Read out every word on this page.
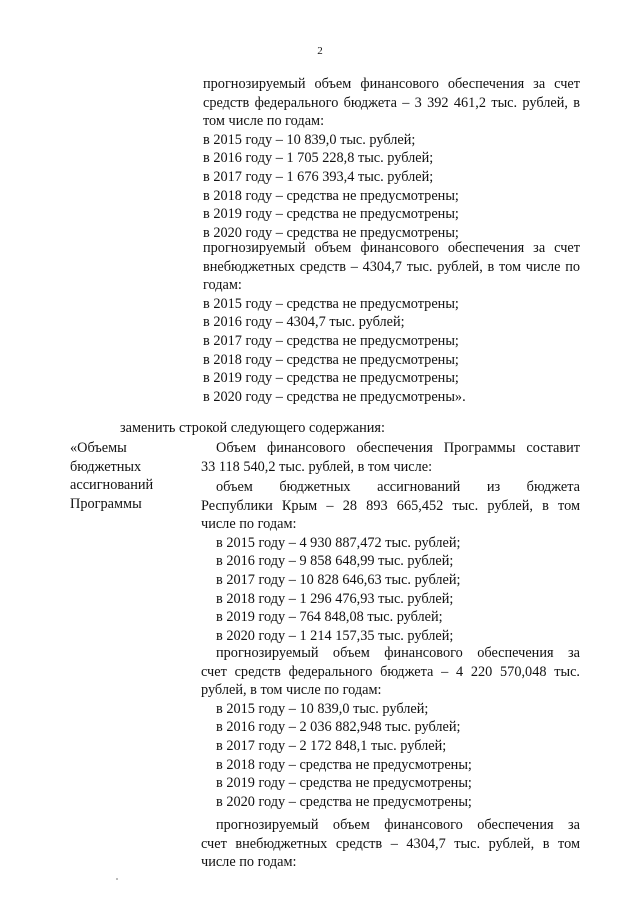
2
прогнозируемый объем финансового обеспечения за счет
средств федерального бюджета – 3 392 461,2 тыс. рублей, в
том числе по годам:
в 2015 году – 10 839,0 тыс. рублей;
в 2016 году – 1 705 228,8 тыс. рублей;
в 2017 году – 1 676 393,4 тыс. рублей;
в 2018 году – средства не предусмотрены;
в 2019 году – средства не предусмотрены;
в 2020 году – средства не предусмотрены;
прогнозируемый объем финансового обеспечения за счет
внебюджетных средств – 4304,7 тыс. рублей, в том числе по
годам:
в 2015 году – средства не предусмотрены;
в 2016 году – 4304,7 тыс. рублей;
в 2017 году – средства не предусмотрены;
в 2018 году – средства не предусмотрены;
в 2019 году – средства не предусмотрены;
в 2020 году – средства не предусмотрены».
заменить строкой следующего содержания:
«Объемы
бюджетных
ассигнований
Программы
Объем финансового обеспечения Программы составит
33 118 540,2 тыс. рублей, в том числе:
объем бюджетных ассигнований из бюджета
Республики Крым – 28 893 665,452 тыс. рублей, в том
числе по годам:
в 2015 году – 4 930 887,472 тыс. рублей;
в 2016 году – 9 858 648,99 тыс. рублей;
в 2017 году – 10 828 646,63 тыс. рублей;
в 2018 году – 1 296 476,93 тыс. рублей;
в 2019 году – 764 848,08 тыс. рублей;
в 2020 году – 1 214 157,35 тыс. рублей;
прогнозируемый объем финансового обеспечения за
счет средств федерального бюджета – 4 220 570,048 тыс.
рублей, в том числе по годам:
в 2015 году – 10 839,0 тыс. рублей;
в 2016 году – 2 036 882,948 тыс. рублей;
в 2017 году – 2 172 848,1 тыс. рублей;
в 2018 году – средства не предусмотрены;
в 2019 году – средства не предусмотрены;
в 2020 году – средства не предусмотрены;
прогнозируемый объем финансового обеспечения за
счет внебюджетных средств – 4304,7 тыс. рублей, в том
числе по годам:
